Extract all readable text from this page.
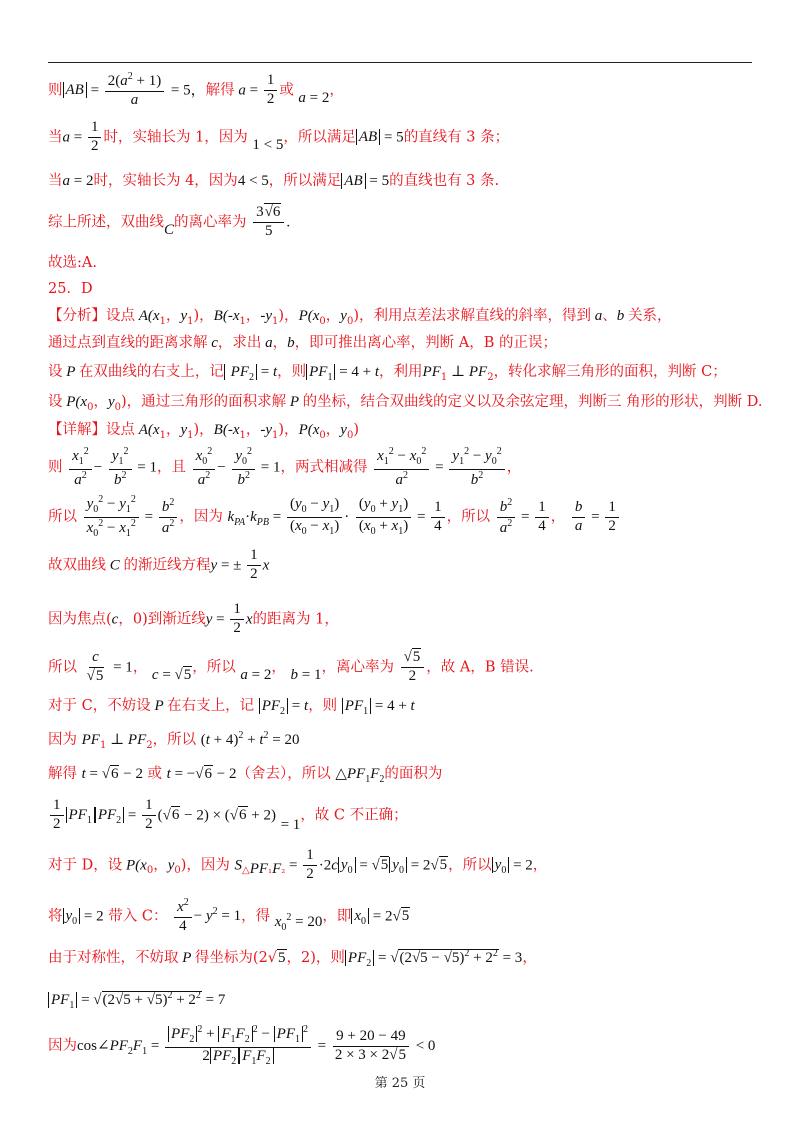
则 AB = $\frac{2(a^2 + 1)}{a} = 5$，解得 $a = \frac{1}{2}$ 或 a = 2，
当$a = \frac{1}{2}$ 时，实轴长为 1，因为 1 < 5，所以满足 AB = 5的直线有 3 条；
当a = 2时，实轴长为 4，因为4 < 5，所以满足 AB = 5的直线也有 3 条.
综上所述，双曲线C的离心率为 $\frac{3√6}{5}$ .
故选:A.
25．D
【分析】设点 $A(x_1$，$y_1$)，$B(-x_1$，$-y_1$)，$P(x_0$，$y_0$)，利用点差法求解直线的斜率，得到 a、b 关系，
通过点到直线的距离求解 c，求出 a，b，即可推出离心率，判断 A，B 的正误；
设 P 在双曲线的右支上，记 $PF_2 = t$，则 $PF_1 = 4 + t$，利用$PF_1$ ⊥ $PF_2$，转化求解三角形的面积，判断 C；
设 $P(x_0$，$y_0$)，通过三角形的面积求解 P 的坐标，结合双曲线的定义以及余弦定理，判断三 角形的形状，判断 D.
【详解】设点 $A(x_1$，$y_1$)，$B(-x_1$，$-y_1$)，$P(x_0$，$y_0$)
则 $\frac{x_1^2}{a^2} - \frac{y_1^2}{b^2} = 1$，且 $\frac{x_0^2}{a^2} - \frac{y_0^2}{b^2} = 1$，两式相减得 $\frac{x_1^2 - x_0^2}{a^2} = \frac{y_1^2 - y_0^2}{b^2}$ ，
所以 $\frac{y_0^2 - y_1^2}{x_0^2 - x_1^2} = \frac{b^2}{a^2}$ ，因为 $k_{PA}\cdot k_{PB} = \frac{(y_0 - y_1)}{(x_0 - x_1)} \cdot \frac{(y_0 + y_1)}{(x_0 + x_1)} = \frac{1}{4}$ ，所以 $\frac{b^2}{a^2} = \frac{1}{4}$ ， $\frac{b}{a} = \frac{1}{2}$
故双曲线 C 的渐近线方程y = ± $\frac{1}{2}$ x
因为焦点(c，0)到渐近线$y = \frac{1}{2}$ x的距离为 1，
所以 $\frac{c}{√5} = 1$， c = √5，所以 a = 2， b = 1，离心率为 $\frac{√5}{2}$ ，故 A，B 错误.
对于 C，不妨设 P 在右支上，记 $PF_2 = t$，则 $PF_1 = 4 + t$
因为 $PF_1$ ⊥ $PF_2$，所以 $(t + 4)^2 + t^2 = 20$
解得 t = √6 − 2 或 t = −√6 − 2（舍去），所以 $\triangle PF_1F_2$的面积为
$\frac{1}{2} PF_1$ $PF_2 = \frac{1}{2} (√6 - 2) \times (√6 + 2) = 1$，故 C 不正确；
对于 D，设 $P(x_0$，$y_0$)，因为 $S_{\triangle PF_1F_2} = \frac{1}{2} \cdot 2c$ $y_0 = √5$ $y_0 = 2√5$，所以 $y_0 = 2$，
将 $y_0 = 2$ 带入 C： $\frac{x^2}{4} - y^2 = 1$，得 $x_0^2 = 20$，即 $x_0 = 2√5$
由于对称性，不妨取 P 得坐标为(2√5，2)，则 $PF_2 = √(2√5 - √5)^2 + 2^2 = 3$，
$PF_1 = √(2√5 + √5)^2 + 2^2 = 7$
因为$\cos\angle PF_2F_1 = \frac{PF_2^2 + F_1F_2^2 - PF_1^2}{2 PF_2 F_1F_2} = \frac{9 + 20 - 49}{2 \times 3 \times 2√5} < 0$
第 25 页
